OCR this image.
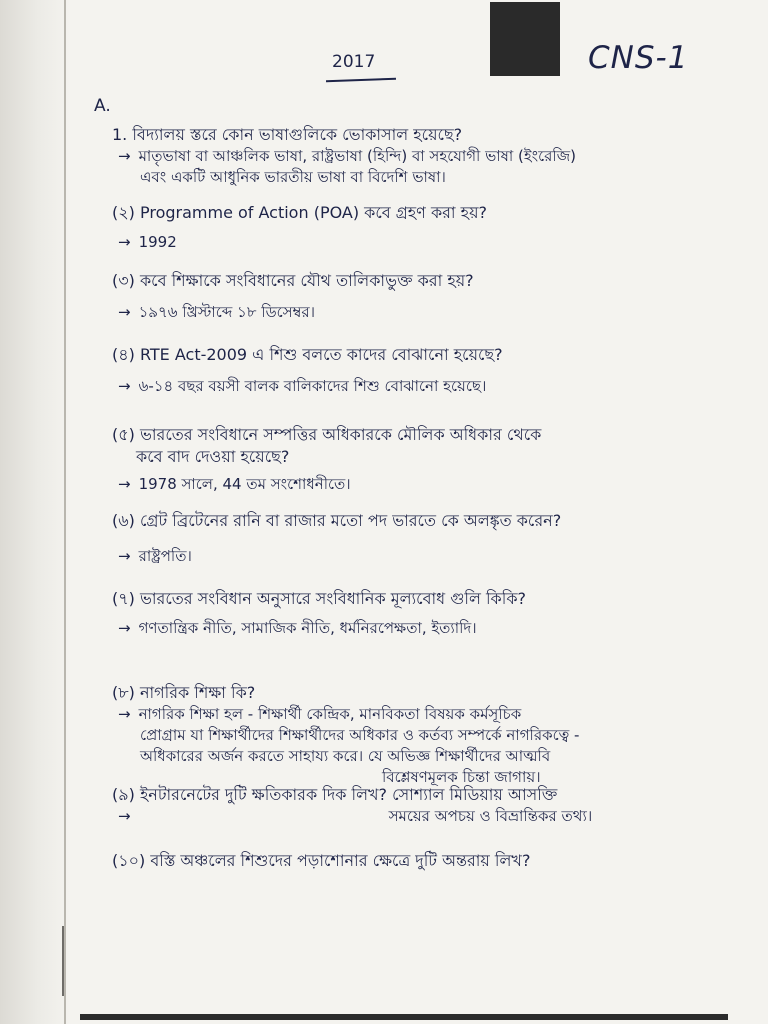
2017	CNS-1
A.
1. বিদ্যালয় স্তরে কোন ভাষাগুলিকে ভোকাসাল হয়েছে?
→ মাতৃভাষা বা আঞ্চলিক ভাষা, রাষ্ট্রভাষা (হিন্দি) বা সহযোগী ভাষা (ইংরেজি)
এবং একটি আধুনিক ভারতীয় ভাষা বা বিদেশি ভাষা।
(২) Programme of Action (POA) কবে গ্রহণ করা হয়?
→ 1992
(৩) কবে শিক্ষাকে সংবিধানের যৌথ তালিকাভুক্ত করা হয়?
→ ১৯৭৬ খ্রিস্টাব্দে ১৮ ডিসেম্বর।
(৪) RTE Act-2009 এ শিশু বলতে কাদের বোঝানো হয়েছে?
→ ৬-১৪ বছর বয়সী বালক বালিকাদের শিশু বোঝানো হয়েছে।
(৫) ভারতের সংবিধানে সম্পত্তির অধিকারকে মৌলিক অধিকার থেকে
কবে বাদ দেওয়া হয়েছে?
→ 1978 সালে, 44 তম সংশোধনীতে।
(৬) গ্রেট ব্রিটেনের রানি বা রাজার মতো পদ ভারতে কে অলঙ্কৃত করেন?
→ রাষ্ট্রপতি।
(৭) ভারতের সংবিধান অনুসারে সংবিধানিক মূল্যবোধ গুলি কিকি?
→ গণতান্ত্রিক নীতি, সামাজিক নীতি, ধর্মনিরপেক্ষতা, ইত্যাদি।
(৮) নাগরিক শিক্ষা কি?
→ নাগরিক শিক্ষা হল - শিক্ষার্থী কেন্দ্রিক, মানবিকতা বিষয়ক কর্মসূচিক
প্রোগ্রাম যা শিক্ষার্থীদের শিক্ষার্থীদের অধিকার ও কর্তব্য সম্পর্কে নাগরিকত্বে -
অধিকারের অর্জন করতে সাহায্য করে। যে অভিজ্ঞ শিক্ষার্থীদের আত্মবি
বিশ্লেষণমূলক চিন্তা জাগায়।
(৯) ইনটারনেটের দুটি ক্ষতিকারক দিক লিখ? সোশ্যাল মিডিয়ায় আসক্তি
→	সময়ের অপচয় ও বিভ্রান্তিকর তথ্য।
(১০) বস্তি অঞ্চলের শিশুদের পড়াশোনার ক্ষেত্রে দুটি অন্তরায় লিখ?
